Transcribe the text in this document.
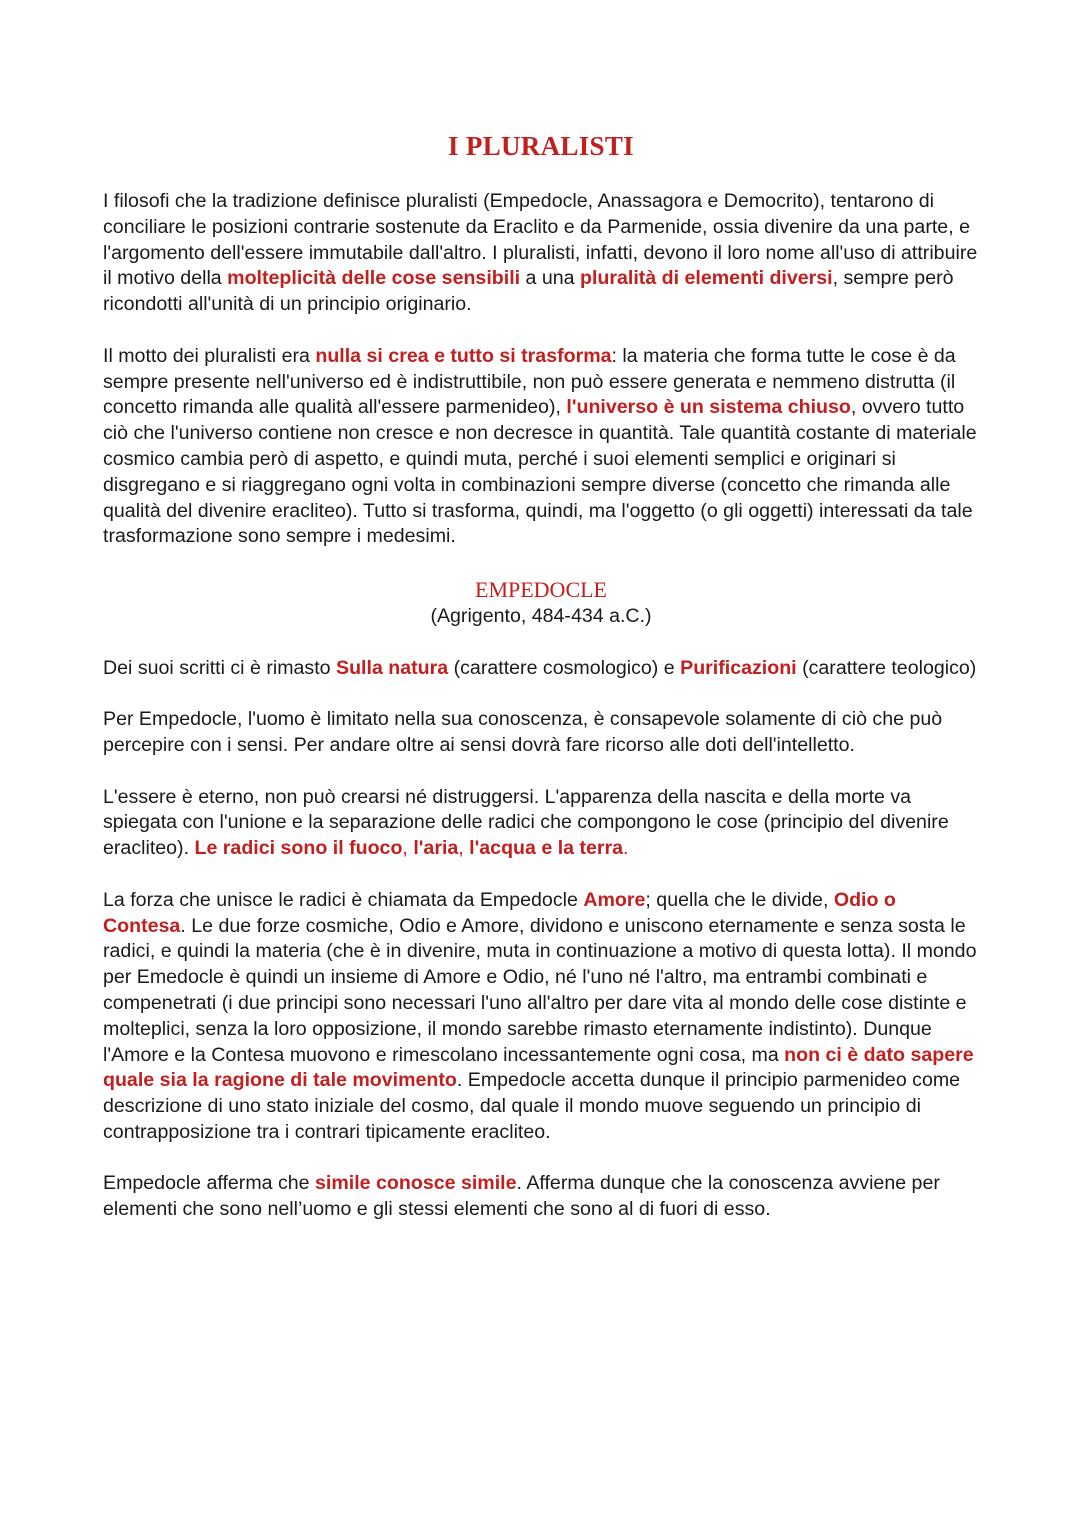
I PLURALISTI

I filosofi che la tradizione definisce pluralisti (Empedocle, Anassagora e Democrito), tentarono di conciliare le posizioni contrarie sostenute da Eraclito e da Parmenide, ossia divenire da una parte, e l'argomento dell'essere immutabile dall'altro. I pluralisti, infatti, devono il loro nome all'uso di attribuire il motivo della molteplicità delle cose sensibili a una pluralità di elementi diversi, sempre però ricondotti all'unità di un principio originario.

Il motto dei pluralisti era nulla si crea e tutto si trasforma: la materia che forma tutte le cose è da sempre presente nell'universo ed è indistruttibile, non può essere generata e nemmeno distrutta (il concetto rimanda alle qualità all'essere parmenideo), l'universo è un sistema chiuso, ovvero tutto ciò che l'universo contiene non cresce e non decresce in quantità. Tale quantità costante di materiale cosmico cambia però di aspetto, e quindi muta, perché i suoi elementi semplici e originari si disgregano e si riaggregano ogni volta in combinazioni sempre diverse (concetto che rimanda alle qualità del divenire eracliteo). Tutto si trasforma, quindi, ma l'oggetto (o gli oggetti) interessati da tale trasformazione sono sempre i medesimi.

EMPEDOCLE
(Agrigento, 484-434 a.C.)

Dei suoi scritti ci è rimasto Sulla natura (carattere cosmologico) e Purificazioni (carattere teologico)

Per Empedocle, l'uomo è limitato nella sua conoscenza, è consapevole solamente di ciò che può percepire con i sensi. Per andare oltre ai sensi dovrà fare ricorso alle doti dell'intelletto.

L'essere è eterno, non può crearsi né distruggersi. L'apparenza della nascita e della morte va spiegata con l'unione e la separazione delle radici che compongono le cose (principio del divenire eracliteo). Le radici sono il fuoco, l'aria, l'acqua e la terra.

La forza che unisce le radici è chiamata da Empedocle Amore; quella che le divide, Odio o Contesa. Le due forze cosmiche, Odio e Amore, dividono e uniscono eternamente e senza sosta le radici, e quindi la materia (che è in divenire, muta in continuazione a motivo di questa lotta). Il mondo per Emedocle è quindi un insieme di Amore e Odio, né l'uno né l'altro, ma entrambi combinati e compenetrati (i due principi sono necessari l'uno all'altro per dare vita al mondo delle cose distinte e molteplici, senza la loro opposizione, il mondo sarebbe rimasto eternamente indistinto). Dunque l'Amore e la Contesa muovono e rimescolano incessantemente ogni cosa, ma non ci è dato sapere quale sia la ragione di tale movimento. Empedocle accetta dunque il principio parmenideo come descrizione di uno stato iniziale del cosmo, dal quale il mondo muove seguendo un principio di contrapposizione tra i contrari tipicamente eracliteo.

Empedocle afferma che simile conosce simile. Afferma dunque che la conoscenza avviene per elementi che sono nell’uomo e gli stessi elementi che sono al di fuori di esso.
